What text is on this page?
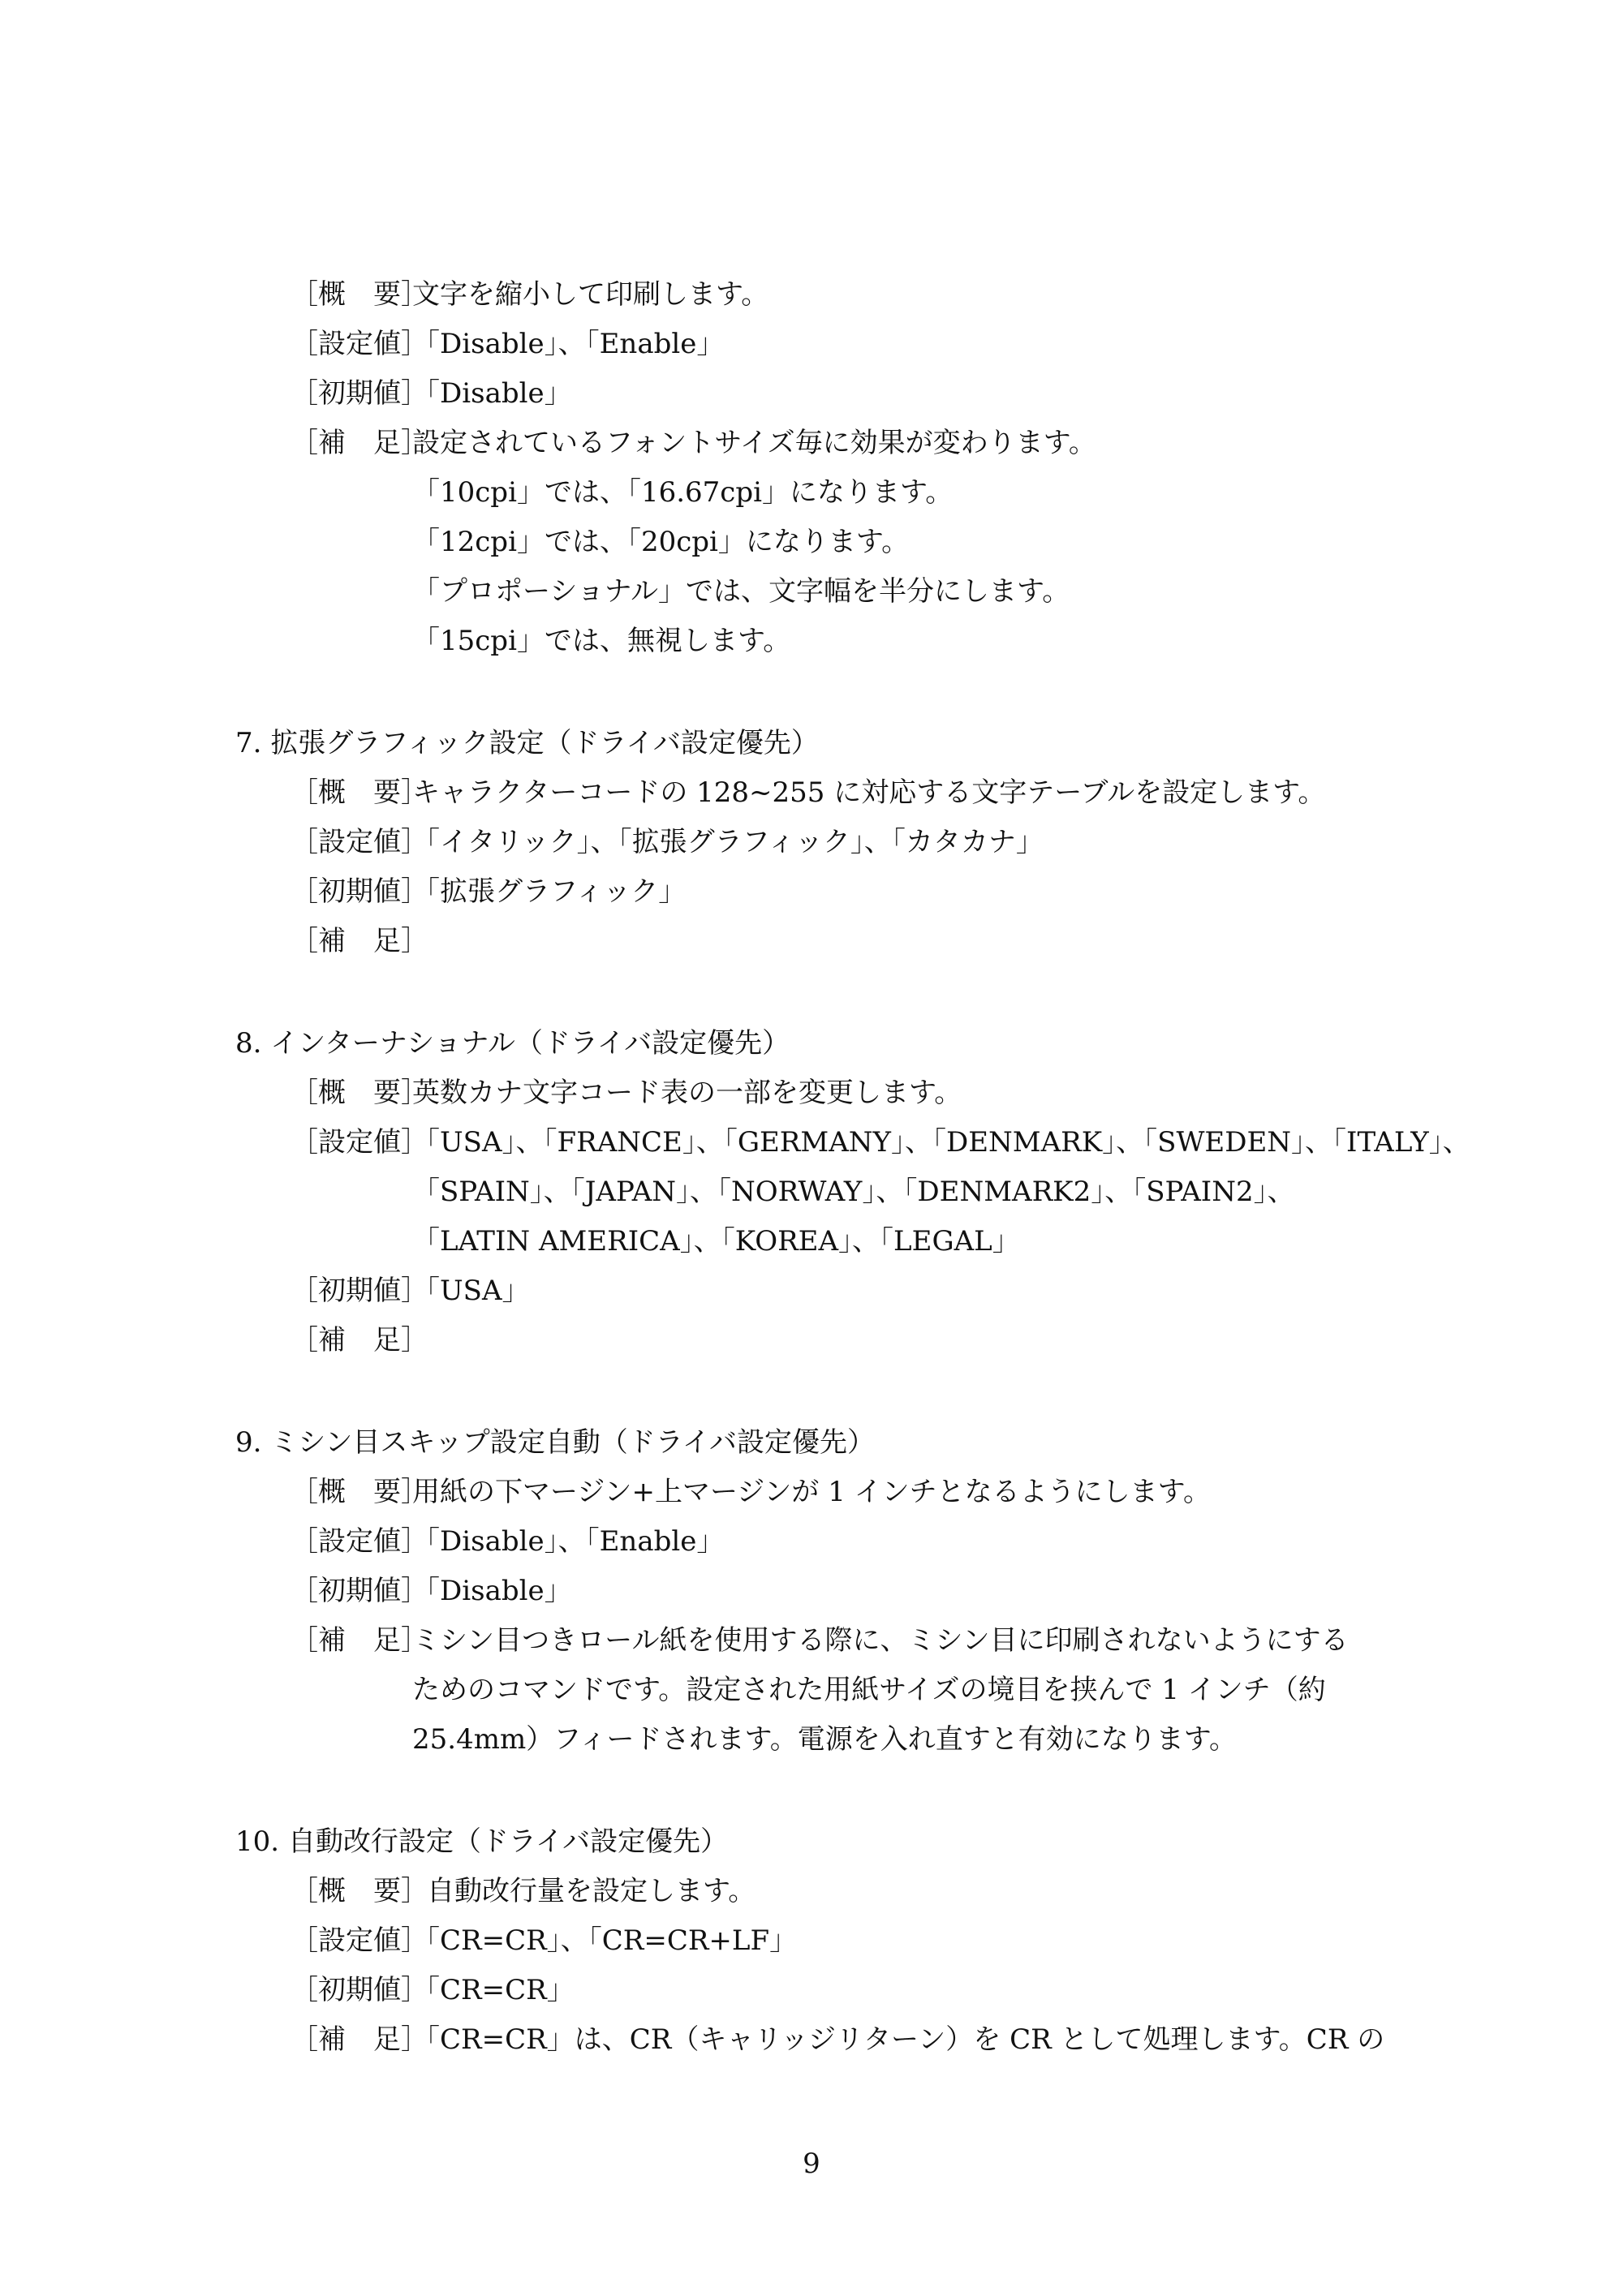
［概　要］
文字を縮小して印刷します。
［設定値］
「Disable」、「Enable」
［初期値］
「Disable」
［補　足］
設定されているフォントサイズ毎に効果が変わります。
「10cpi」では、「16.67cpi」になります。
「12cpi」では、「20cpi」になります。
「プロポーショナル」では、文字幅を半分にします。
「15cpi」では、無視します。
7. 拡張グラフィック設定（ドライバ設定優先）
［概　要］
キャラクターコードの 128~255 に対応する文字テーブルを設定します。
［設定値］
「イタリック」、「拡張グラフィック」、「カタカナ」
［初期値］
「拡張グラフィック」
［補　足］
8. インターナショナル（ドライバ設定優先）
［概　要］
英数カナ文字コード表の一部を変更します。
［設定値］
「USA」、「FRANCE」、「GERMANY」、「DENMARK」、「SWEDEN」、「ITALY」、
「SPAIN」、「JAPAN」、「NORWAY」、「DENMARK2」、「SPAIN2」、
「LATIN AMERICA」、「KOREA」、「LEGAL」
［初期値］
「USA」
［補　足］
9. ミシン目スキップ設定自動（ドライバ設定優先）
［概　要］
用紙の下マージン+上マージンが 1 インチとなるようにします。
［設定値］
「Disable」、「Enable」
［初期値］
「Disable」
［補　足］
ミシン目つきロール紙を使用する際に、ミシン目に印刷されないようにする
ためのコマンドです。設定された用紙サイズの境目を挟んで 1 インチ（約
25.4mm）フィードされます。電源を入れ直すと有効になります。
10. 自動改行設定（ドライバ設定優先）
［概　要］
自動改行量を設定します。
［設定値］
「CR=CR」、「CR=CR+LF」
［初期値］
「CR=CR」
［補　足］
「CR=CR」は、CR（キャリッジリターン）を CR として処理します。CR の
9
